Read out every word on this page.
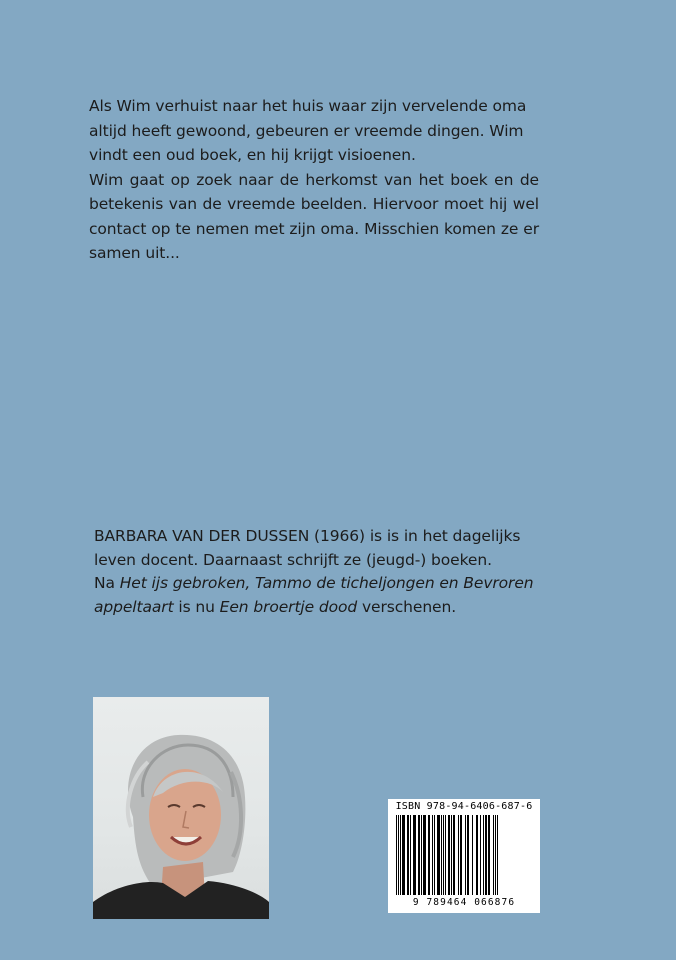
Als Wim verhuist naar het huis waar zijn vervelende oma altijd heeft gewoond, gebeuren er vreemde dingen. Wim vindt een oud boek, en hij krijgt visioenen.

Wim gaat op zoek naar de herkomst van het boek en de betekenis van de vreemde beelden. Hiervoor moet hij wel contact op te nemen met zijn oma. Misschien komen ze er samen uit...

BARBARA VAN DER DUSSEN (1966) is is in het dagelijks leven docent. Daarnaast schrijft ze (jeugd-) boeken.

Na Het ijs gebroken, Tammo de ticheljongen en Bevroren appeltaart is nu Een broertje dood verschenen.

ISBN 978-94-6406-687-6
9 789464 066876
